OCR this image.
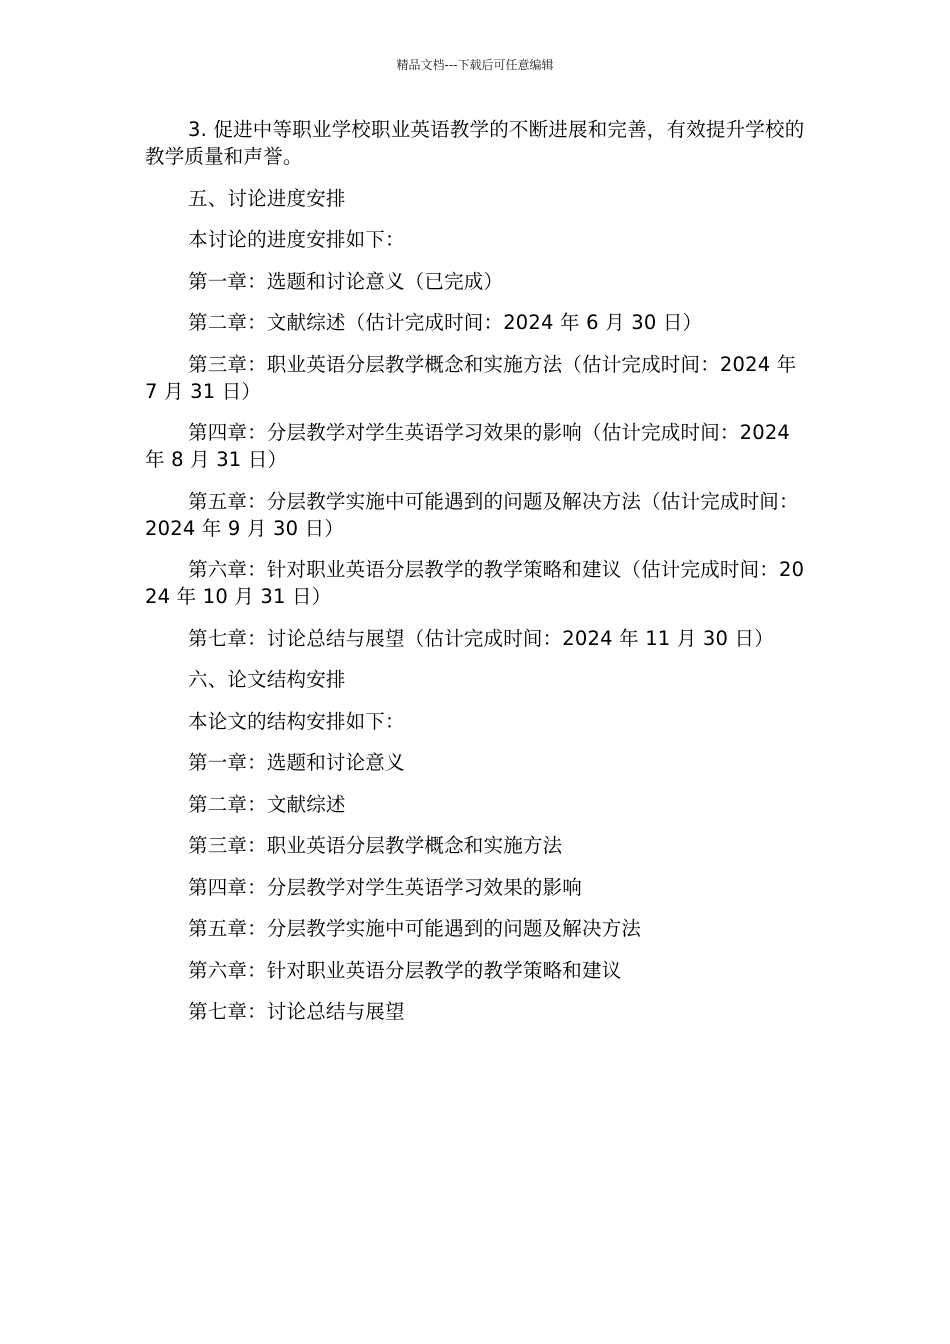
精品文档---下载后可任意编辑

3. 促进中等职业学校职业英语教学的不断进展和完善，有效提升学校的教学质量和声誉。

五、讨论进度安排

本讨论的进度安排如下：

第一章：选题和讨论意义（已完成）

第二章：文献综述（估计完成时间：2024 年 6 月 30 日）

第三章：职业英语分层教学概念和实施方法（估计完成时间：2024 年 7 月 31 日）

第四章：分层教学对学生英语学习效果的影响（估计完成时间：2024 年 8 月 31 日）

第五章：分层教学实施中可能遇到的问题及解决方法（估计完成时间：2024 年 9 月 30 日）

第六章：针对职业英语分层教学的教学策略和建议（估计完成时间：2024 年 10 月 31 日）

第七章：讨论总结与展望（估计完成时间：2024 年 11 月 30 日）

六、论文结构安排

本论文的结构安排如下：

第一章：选题和讨论意义

第二章：文献综述

第三章：职业英语分层教学概念和实施方法

第四章：分层教学对学生英语学习效果的影响

第五章：分层教学实施中可能遇到的问题及解决方法

第六章：针对职业英语分层教学的教学策略和建议

第七章：讨论总结与展望
